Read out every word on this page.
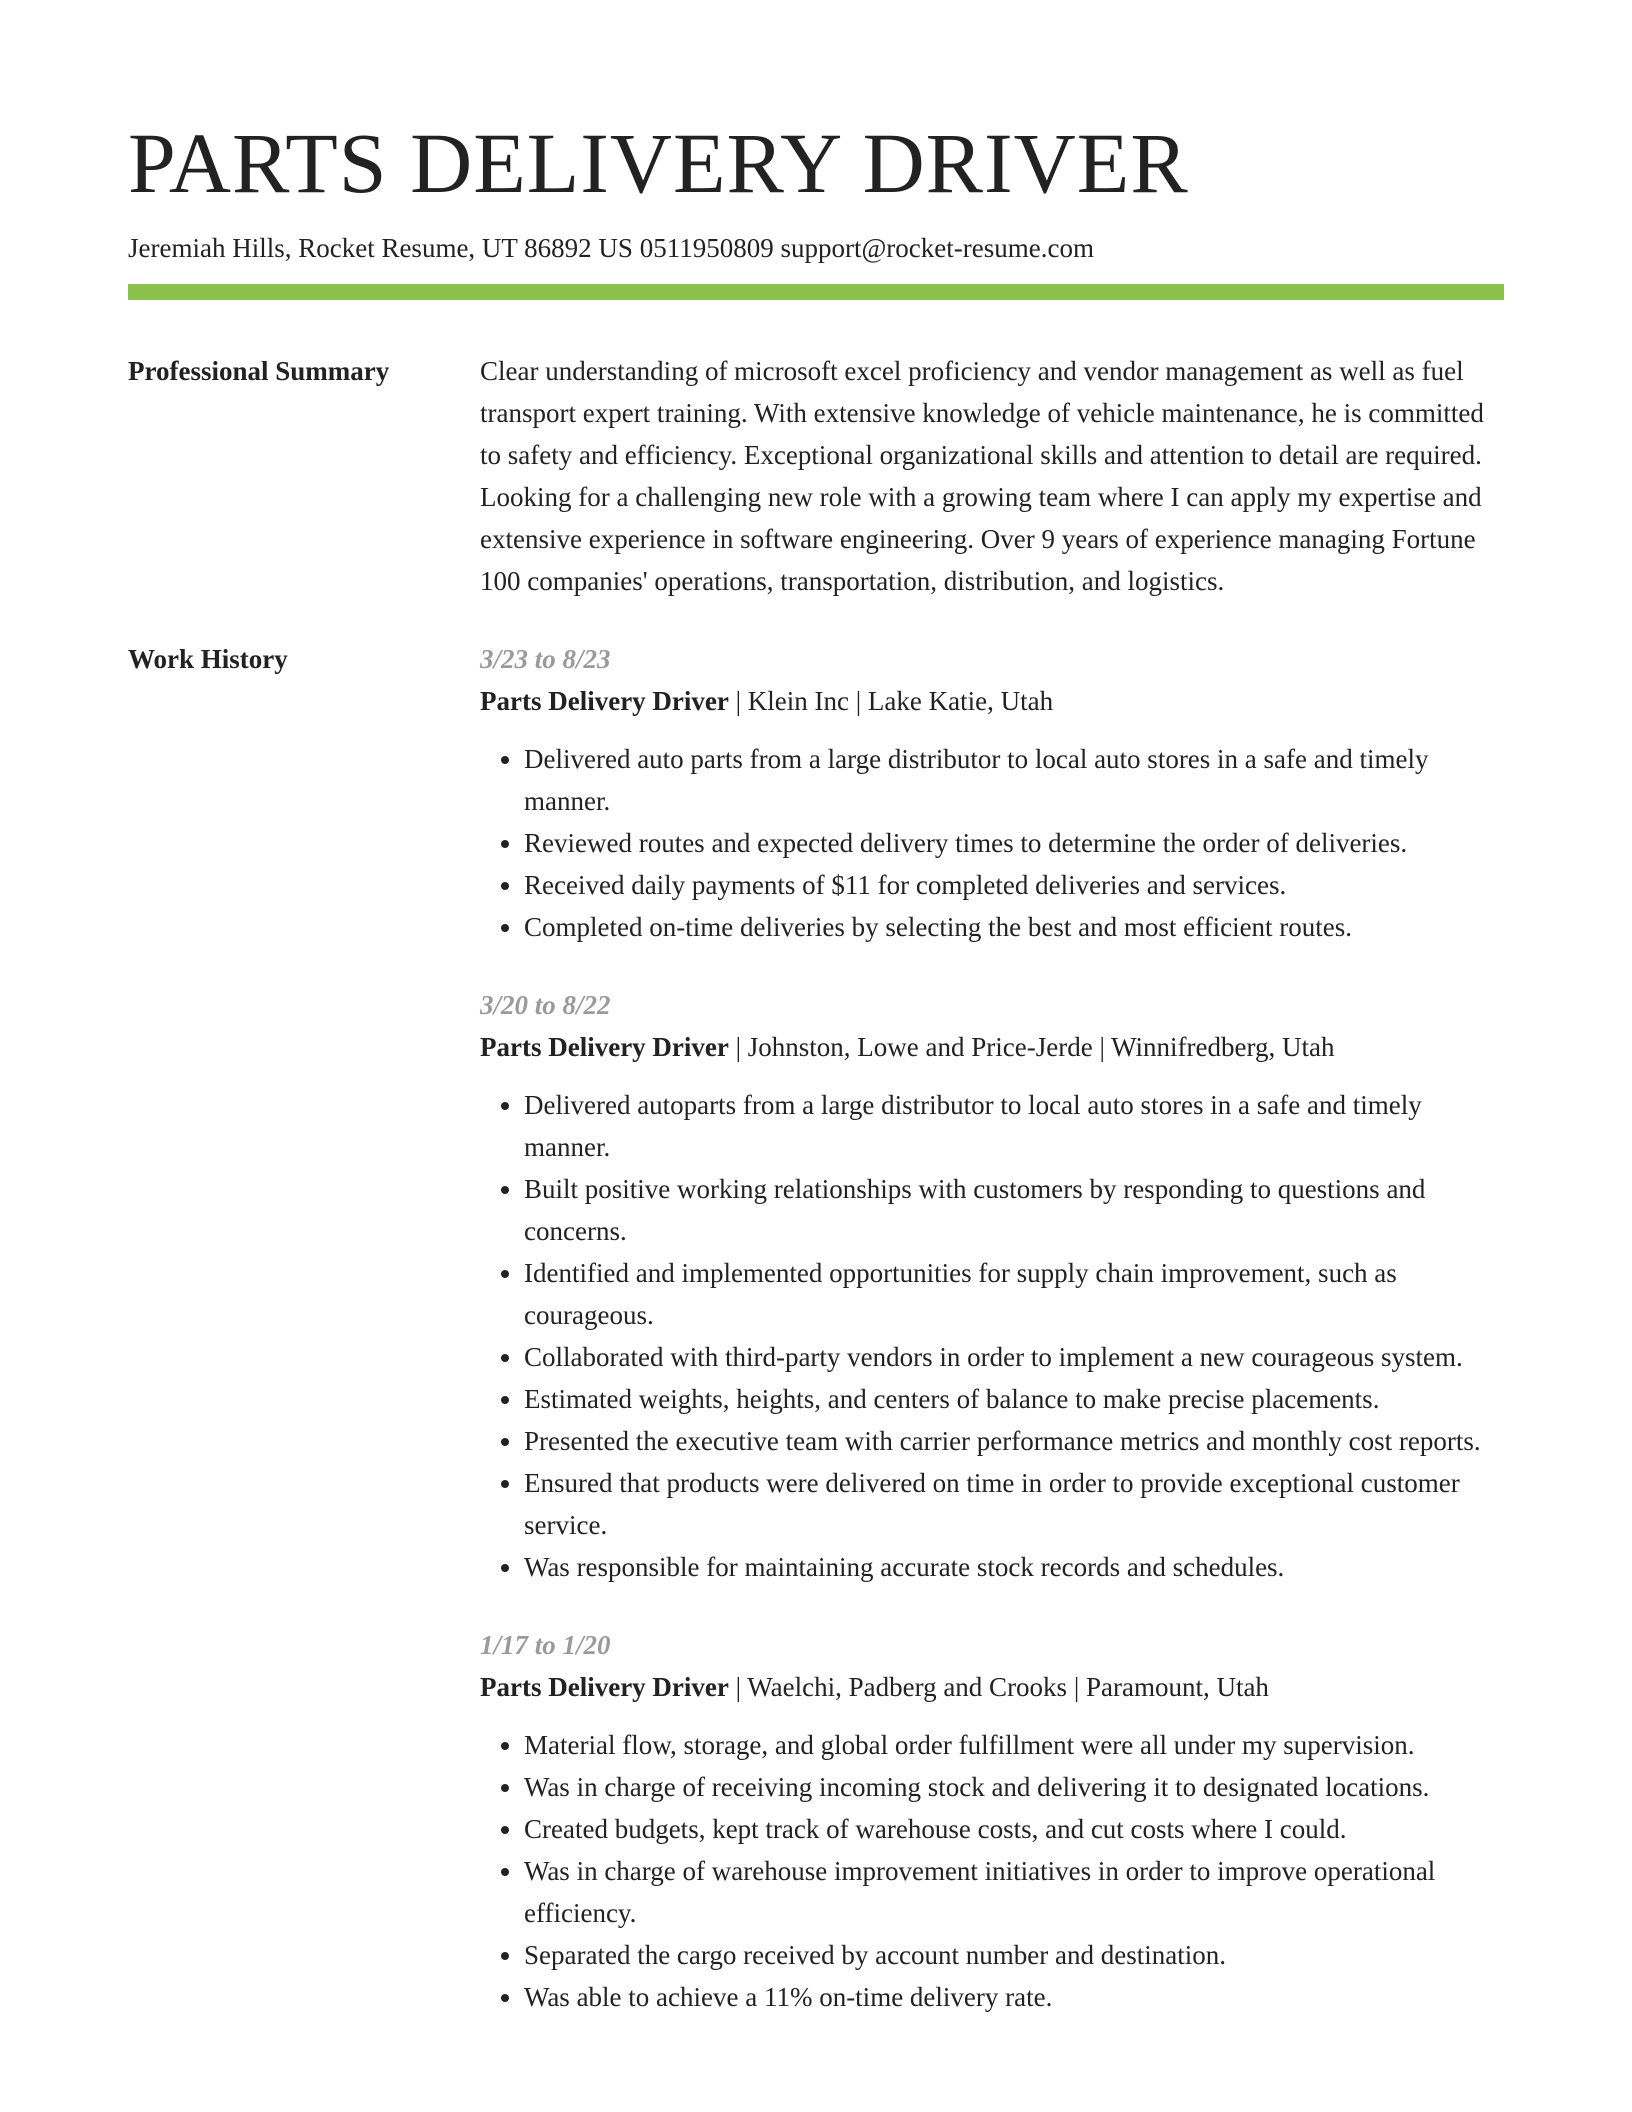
PARTS DELIVERY DRIVER
Jeremiah Hills, Rocket Resume, UT 86892 US 0511950809 support@rocket-resume.com
Professional Summary	Clear understanding of microsoft excel proficiency and vendor management as well as fuel transport expert training. With extensive knowledge of vehicle maintenance, he is committed to safety and efficiency. Exceptional organizational skills and attention to detail are required. Looking for a challenging new role with a growing team where I can apply my expertise and extensive experience in software engineering. Over 9 years of experience managing Fortune 100 companies' operations, transportation, distribution, and logistics.
Work History	3/23 to 8/23
Parts Delivery Driver | Klein Inc | Lake Katie, Utah
• Delivered auto parts from a large distributor to local auto stores in a safe and timely manner.
• Reviewed routes and expected delivery times to determine the order of deliveries.
• Received daily payments of $11 for completed deliveries and services.
• Completed on-time deliveries by selecting the best and most efficient routes.
3/20 to 8/22
Parts Delivery Driver | Johnston, Lowe and Price-Jerde | Winnifredberg, Utah
• Delivered autoparts from a large distributor to local auto stores in a safe and timely manner.
• Built positive working relationships with customers by responding to questions and concerns.
• Identified and implemented opportunities for supply chain improvement, such as courageous.
• Collaborated with third-party vendors in order to implement a new courageous system.
• Estimated weights, heights, and centers of balance to make precise placements.
• Presented the executive team with carrier performance metrics and monthly cost reports.
• Ensured that products were delivered on time in order to provide exceptional customer service.
• Was responsible for maintaining accurate stock records and schedules.
1/17 to 1/20
Parts Delivery Driver | Waelchi, Padberg and Crooks | Paramount, Utah
• Material flow, storage, and global order fulfillment were all under my supervision.
• Was in charge of receiving incoming stock and delivering it to designated locations.
• Created budgets, kept track of warehouse costs, and cut costs where I could.
• Was in charge of warehouse improvement initiatives in order to improve operational efficiency.
• Separated the cargo received by account number and destination.
• Was able to achieve a 11% on-time delivery rate.
